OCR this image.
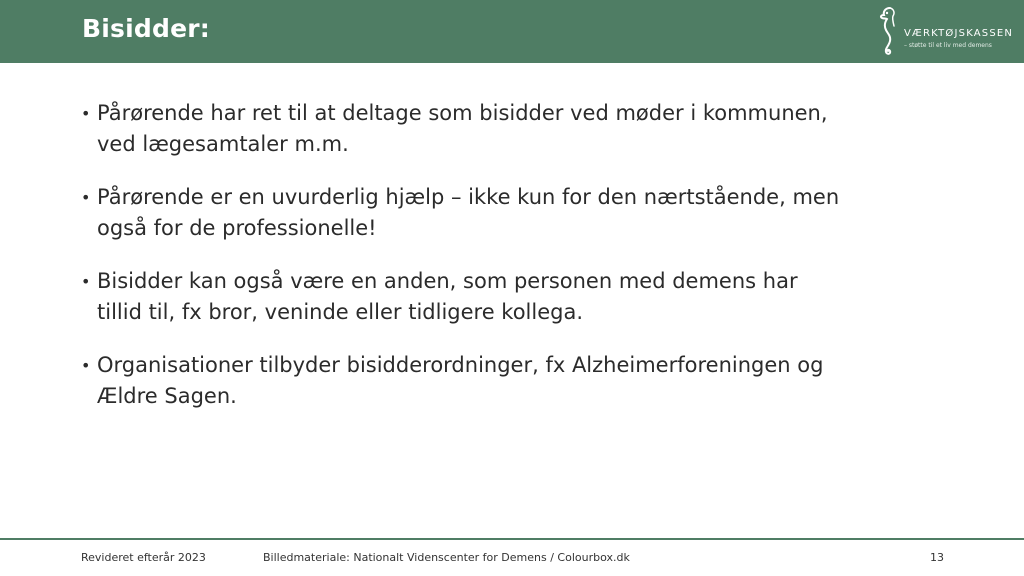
Bisidder:	VÆRKTØJSKASSEN
– støtte til et liv med demens
• Pårørende har ret til at deltage som bisidder ved møder i kommunen, ved lægesamtaler m.m.
• Pårørende er en uvurderlig hjælp – ikke kun for den nærtstående, men også for de professionelle!
• Bisidder kan også være en anden, som personen med demens har tillid til, fx bror, veninde eller tidligere kollega.
• Organisationer tilbyder bisidderordninger, fx Alzheimerforeningen og Ældre Sagen.
Revideret efterår 2023	Billedmateriale: Nationalt Videnscenter for Demens / Colourbox.dk	13
